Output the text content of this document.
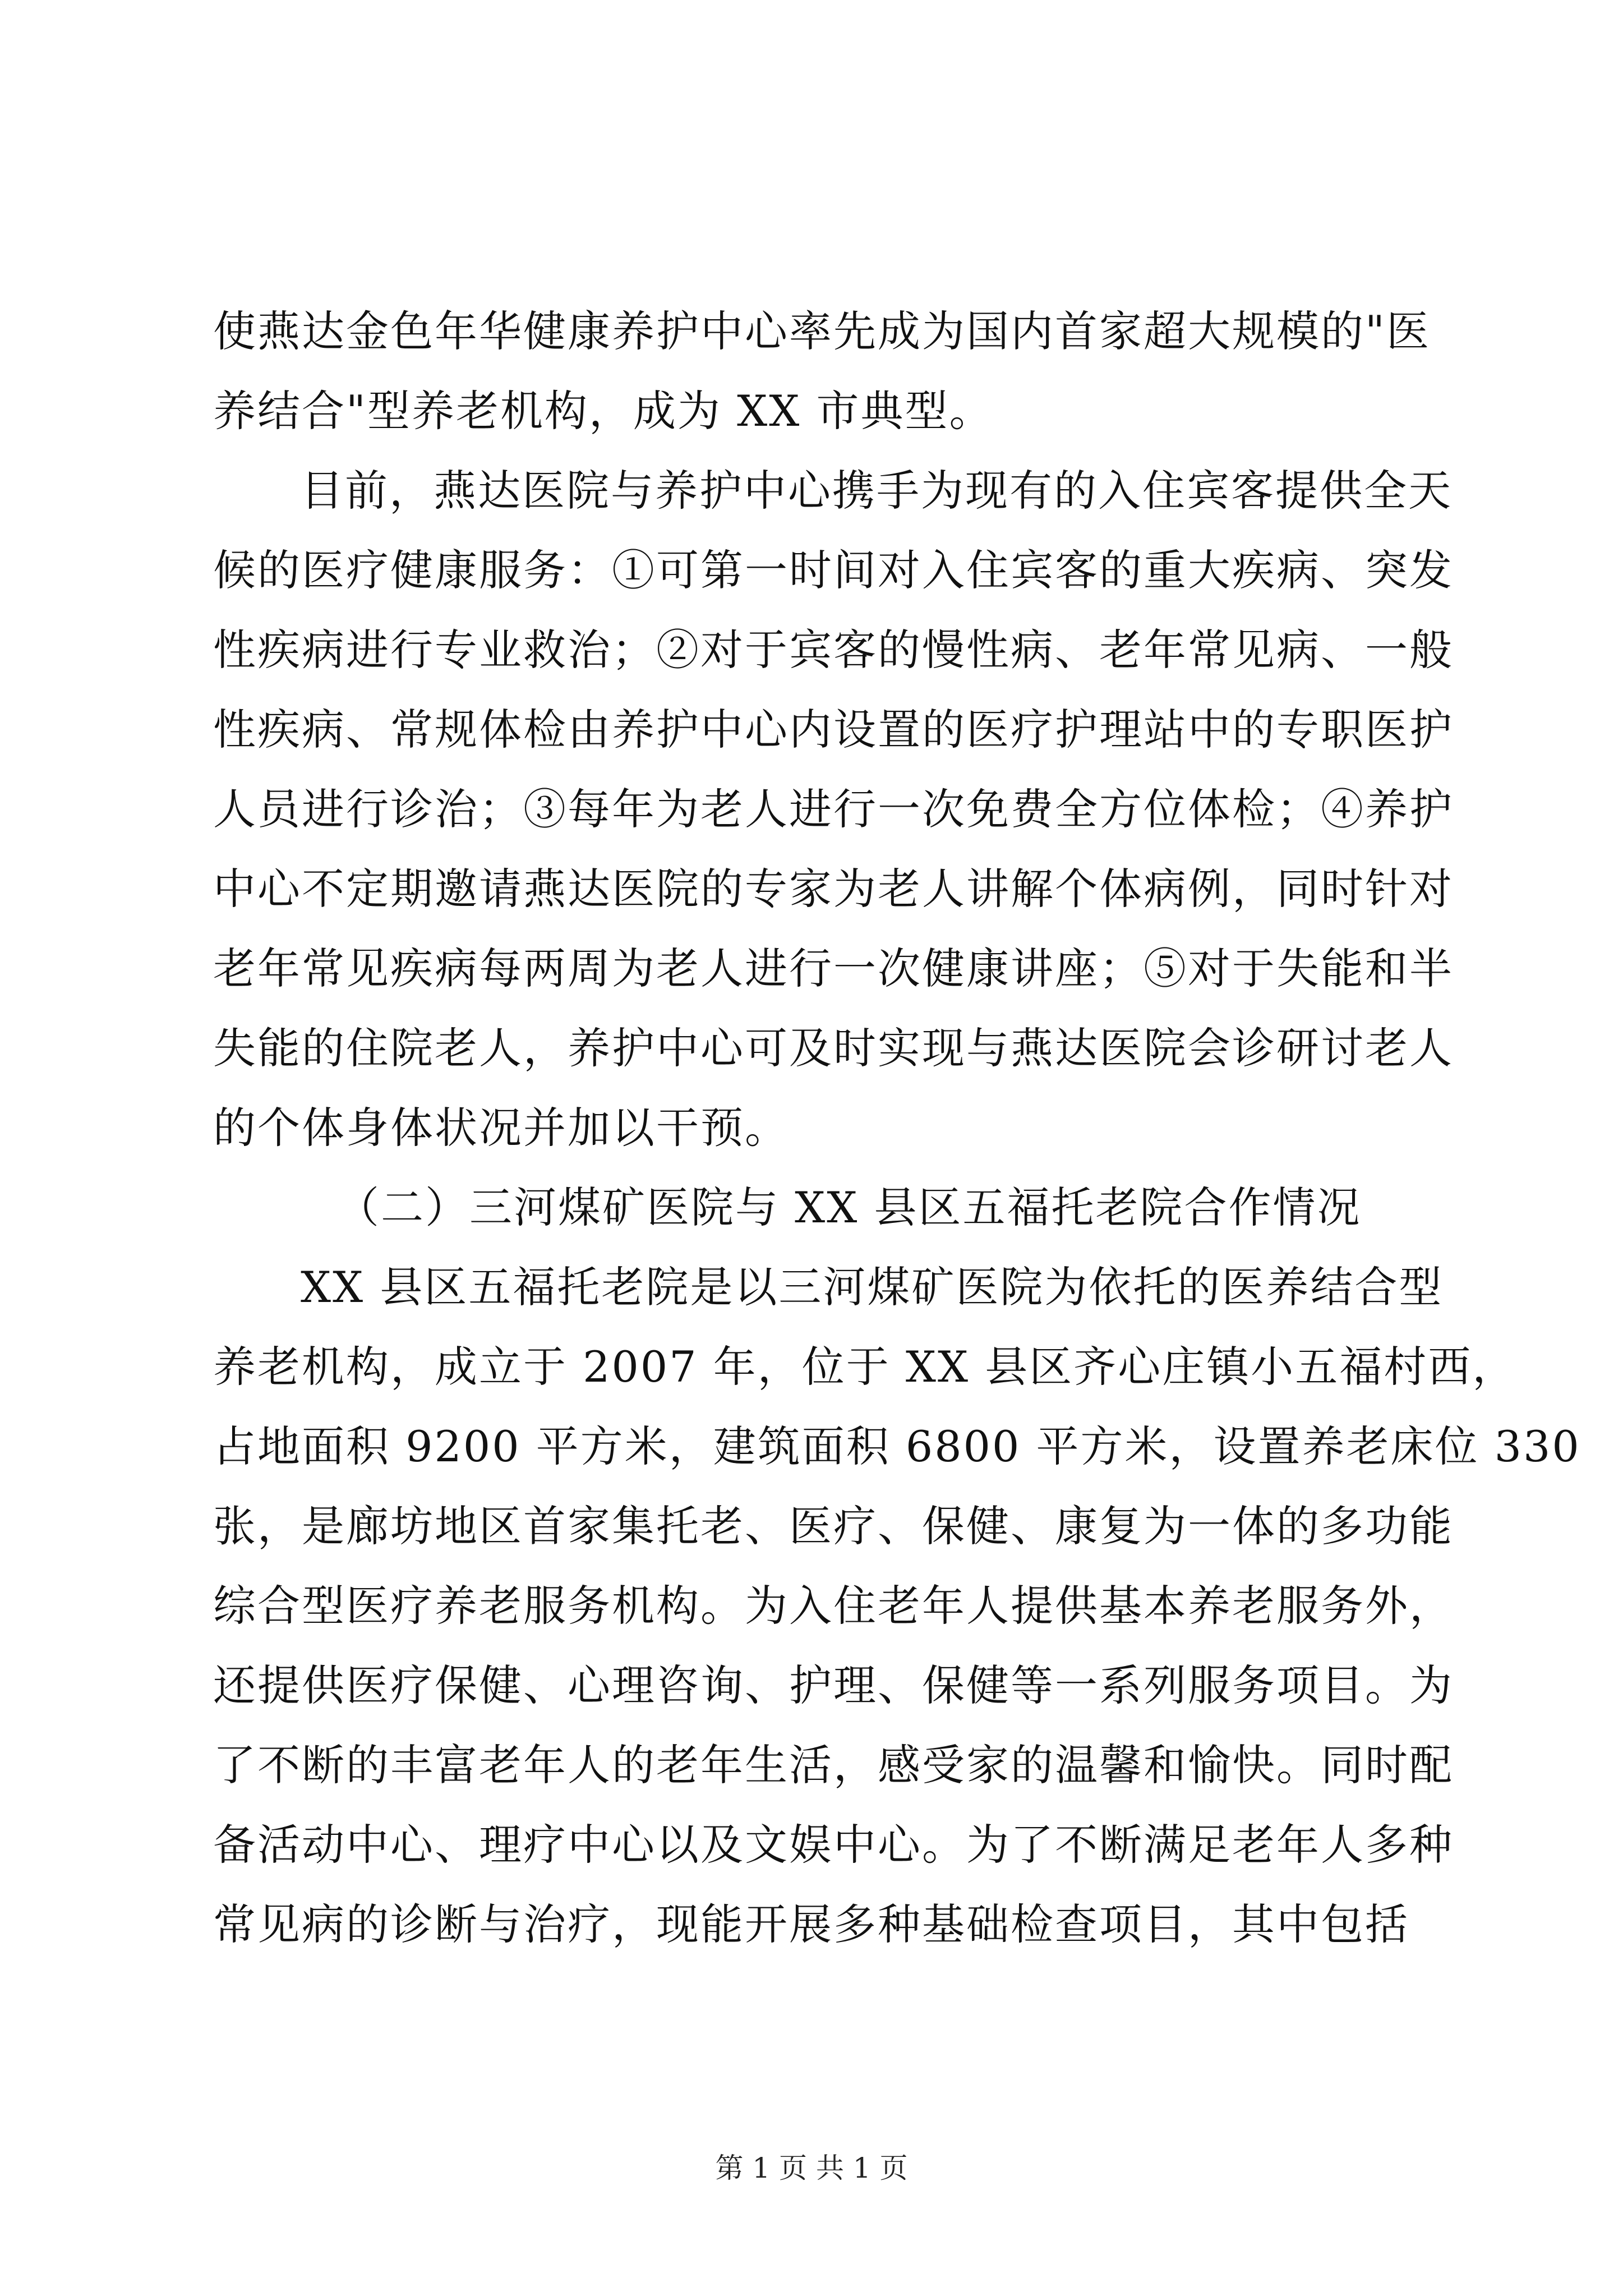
使燕达金色年华健康养护中心率先成为国内首家超大规模的"医
养结合"型养老机构，成为 XX 市典型。
目前，燕达医院与养护中心携手为现有的入住宾客提供全天
候的医疗健康服务：①可第一时间对入住宾客的重大疾病、突发
性疾病进行专业救治；②对于宾客的慢性病、老年常见病、一般
性疾病、常规体检由养护中心内设置的医疗护理站中的专职医护
人员进行诊治；③每年为老人进行一次免费全方位体检；④养护
中心不定期邀请燕达医院的专家为老人讲解个体病例，同时针对
老年常见疾病每两周为老人进行一次健康讲座；⑤对于失能和半
失能的住院老人，养护中心可及时实现与燕达医院会诊研讨老人
的个体身体状况并加以干预。
（二）三河煤矿医院与 XX 县区五福托老院合作情况
XX 县区五福托老院是以三河煤矿医院为依托的医养结合型
养老机构，成立于 2007 年，位于 XX 县区齐心庄镇小五福村西，
占地面积 9200 平方米，建筑面积 6800 平方米，设置养老床位 330
张，是廊坊地区首家集托老、医疗、保健、康复为一体的多功能
综合型医疗养老服务机构。为入住老年人提供基本养老服务外，
还提供医疗保健、心理咨询、护理、保健等一系列服务项目。为
了不断的丰富老年人的老年生活，感受家的温馨和愉快。同时配
备活动中心、理疗中心以及文娱中心。为了不断满足老年人多种
常见病的诊断与治疗，现能开展多种基础检查项目，其中包括
第 1 页 共 1 页
